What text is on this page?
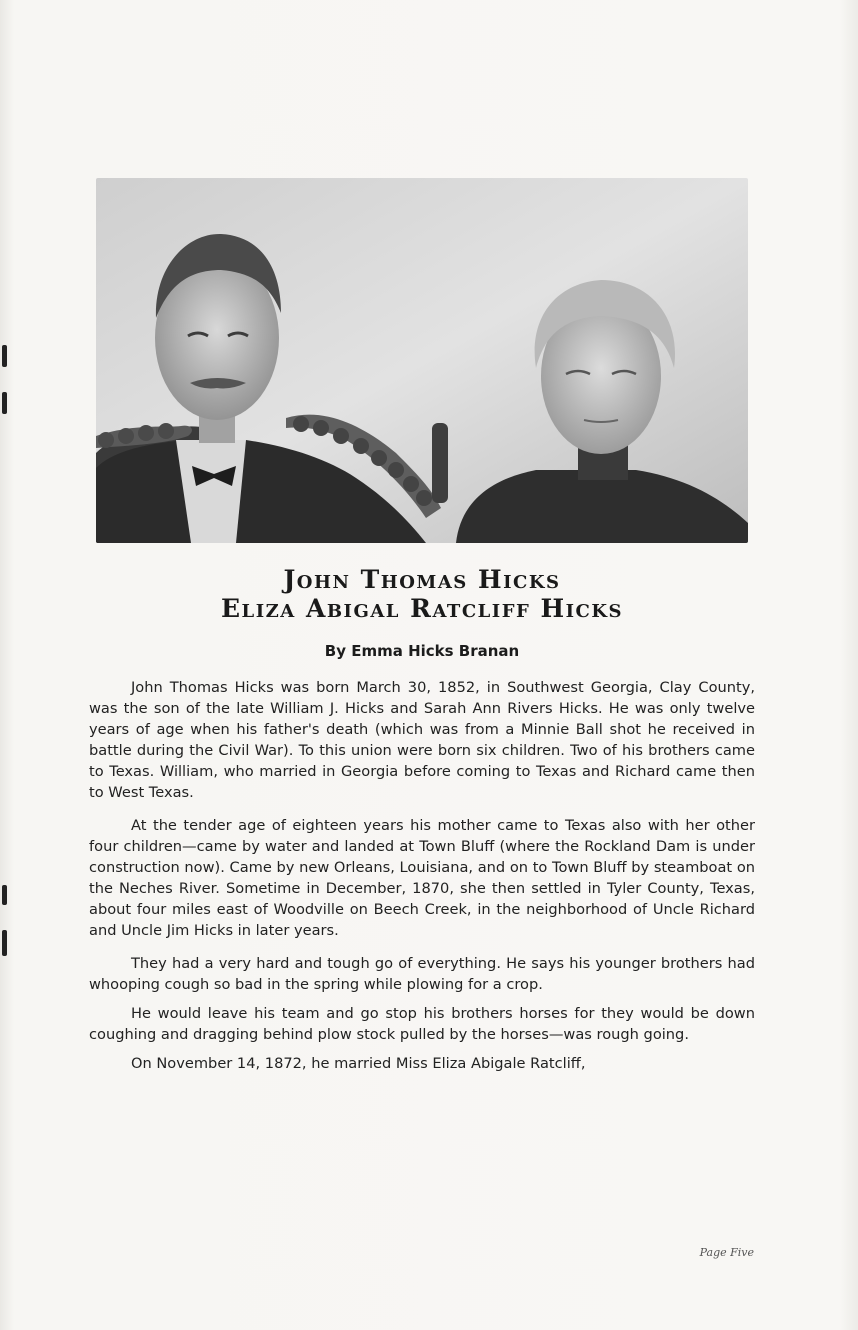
John Thomas Hicks
Eliza Abigal Ratcliff Hicks
By Emma Hicks Branan

John Thomas Hicks was born March 30, 1852, in Southwest Georgia, Clay County, was the son of the late William J. Hicks and Sarah Ann Rivers Hicks. He was only twelve years of age when his father's death (which was from a Minnie Ball shot he received in battle during the Civil War). To this union were born six children. Two of his brothers came to Texas. William, who married in Georgia before coming to Texas and Richard came then to West Texas.

At the tender age of eighteen years his mother came to Texas also with her other four children—came by water and landed at Town Bluff (where the Rockland Dam is under construction now). Came by new Orleans, Louisiana, and on to Town Bluff by steamboat on the Neches River. Sometime in December, 1870, she then settled in Tyler County, Texas, about four miles east of Woodville on Beech Creek, in the neighborhood of Uncle Richard and Uncle Jim Hicks in later years.

They had a very hard and tough go of everything. He says his younger brothers had whooping cough so bad in the spring while plowing for a crop.

He would leave his team and go stop his brothers horses for they would be down coughing and dragging behind plow stock pulled by the horses—was rough going.

On November 14, 1872, he married Miss Eliza Abigale Ratcliff,

Page Five
